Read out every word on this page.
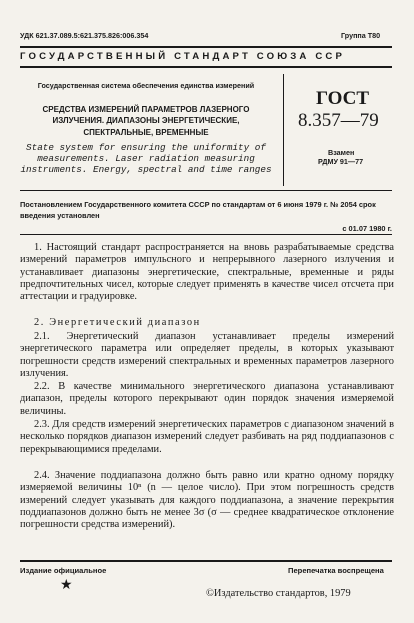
УДК 621.37.089.5:621.375.826:006.354	Группа Т80
ГОСУДАРСТВЕННЫЙ СТАНДАРТ СОЮЗА ССР
Государственная система обеспечения единства измерений
СРЕДСТВА ИЗМЕРЕНИЙ ПАРАМЕТРОВ ЛАЗЕРНОГО ИЗЛУЧЕНИЯ. ДИАПАЗОНЫ ЭНЕРГЕТИЧЕСКИЕ, СПЕКТРАЛЬНЫЕ, ВРЕМЕННЫЕ
State system for ensuring the uniformity of measurements. Laser radiation measuring instruments. Energy, spectral and time ranges
ГОСТ
8.357—79
Взамен
РДМУ 91—77
Постановлением Государственного комитета СССР по стандартам от 6 июня 1979 г. № 2054 срок введения установлен
с 01.07 1980 г.
1. Настоящий стандарт распространяется на вновь разрабатываемые средства измерений параметров импульсного и непрерывного лазерного излучения и устанавливает диапазоны энергетические, спектральные, временные и ряды предпочтительных чисел, которые следует применять в качестве чисел отсчета при аттестации и градуировке.
2. Энергетический диапазон
2.1. Энергетический диапазон устанавливает пределы измерений энергетического параметра или определяет пределы, в которых указывают погрешности средств измерений спектральных и временных параметров лазерного излучения.
2.2. В качестве минимального энергетического диапазона устанавливают диапазон, пределы которого перекрывают один порядок значения измеряемой величины.
2.3. Для средств измерений энергетических параметров с диапазоном значений в несколько порядков диапазон измерений следует разбивать на ряд поддиапазонов с перекрывающимися пределами.
2.4. Значение поддиапазона должно быть равно или кратно одному порядку измеряемой величины 10ⁿ (n — целое число). При этом погрешность средств измерений следует указывать для каждого поддиапазона, а значение перекрытия поддиапазонов должно быть не менее 3σ (σ — среднее квадратическое отклонение погрешности средства измерений).
Издание официальное
★
Перепечатка воспрещена
©Издательство стандартов, 1979
